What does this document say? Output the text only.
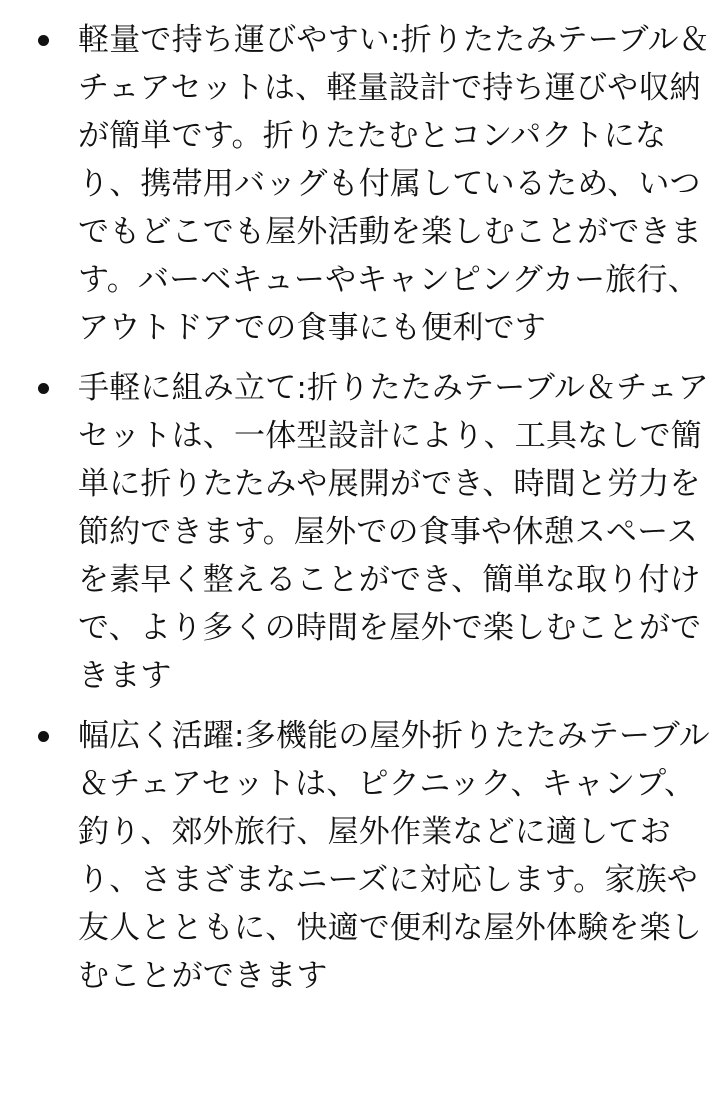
軽量で持ち運びやすい:折りたたみテーブル＆チェアセットは、軽量設計で持ち運びや収納が簡単です。折りたたむとコンパクトになり、携帯用バッグも付属しているため、いつでもどこでも屋外活動を楽しむことができます。バーベキューやキャンピングカー旅行、アウトドアでの食事にも便利です
手軽に組み立て:折りたたみテーブル＆チェアセットは、一体型設計により、工具なしで簡単に折りたたみや展開ができ、時間と労力を節約できます。屋外での食事や休憩スペースを素早く整えることができ、簡単な取り付けで、より多くの時間を屋外で楽しむことができます
幅広く活躍:多機能の屋外折りたたみテーブル＆チェアセットは、ピクニック、キャンプ、釣り、郊外旅行、屋外作業などに適しており、さまざまなニーズに対応します。家族や友人とともに、快適で便利な屋外体験を楽しむことができます
